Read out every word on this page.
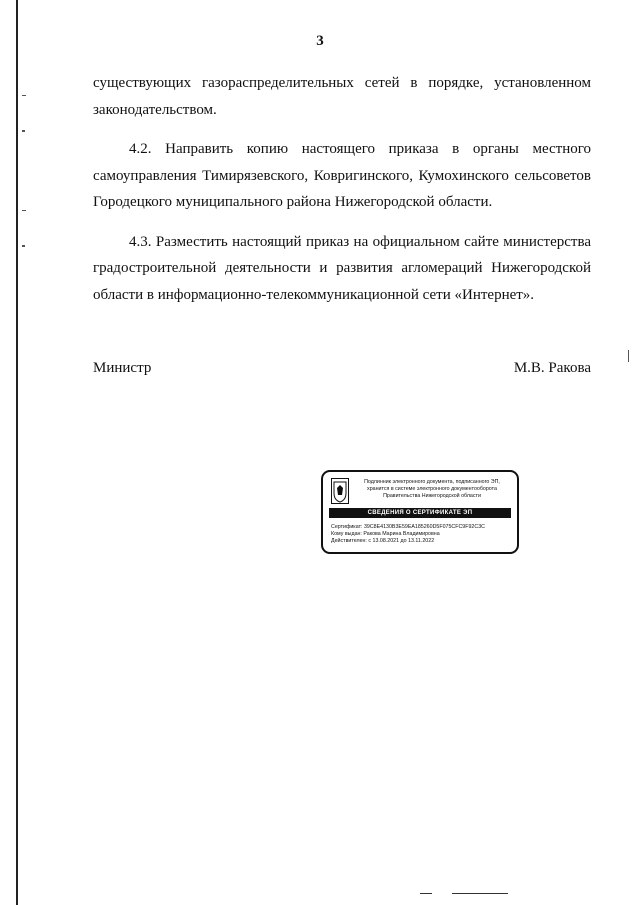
3

существующих газораспределительных сетей в порядке, установленном законодательством.

4.2. Направить копию настоящего приказа в органы местного самоуправления Тимирязевского, Ковригинского, Кумохинского сельсоветов Городецкого муниципального района Нижегородской области.

4.3. Разместить настоящий приказ на официальном сайте министерства градостроительной деятельности и развития агломераций Нижегородской области в информационно-телекоммуникационной сети «Интернет».

Министр	М.В. Ракова
Подлинник электронного документа, подписанного ЭП,
хранится в системе электронного документооборота
Правительства Нижегородской области
СВЕДЕНИЯ О СЕРТИФИКАТЕ ЭП
Сертификат: 39C8E4130B3E59EA185260D5F075CFC9F92C3C
Кому выдан: Ракова Марина Владимировна
Действителен: с 13.08.2021 до 13.11.2022
